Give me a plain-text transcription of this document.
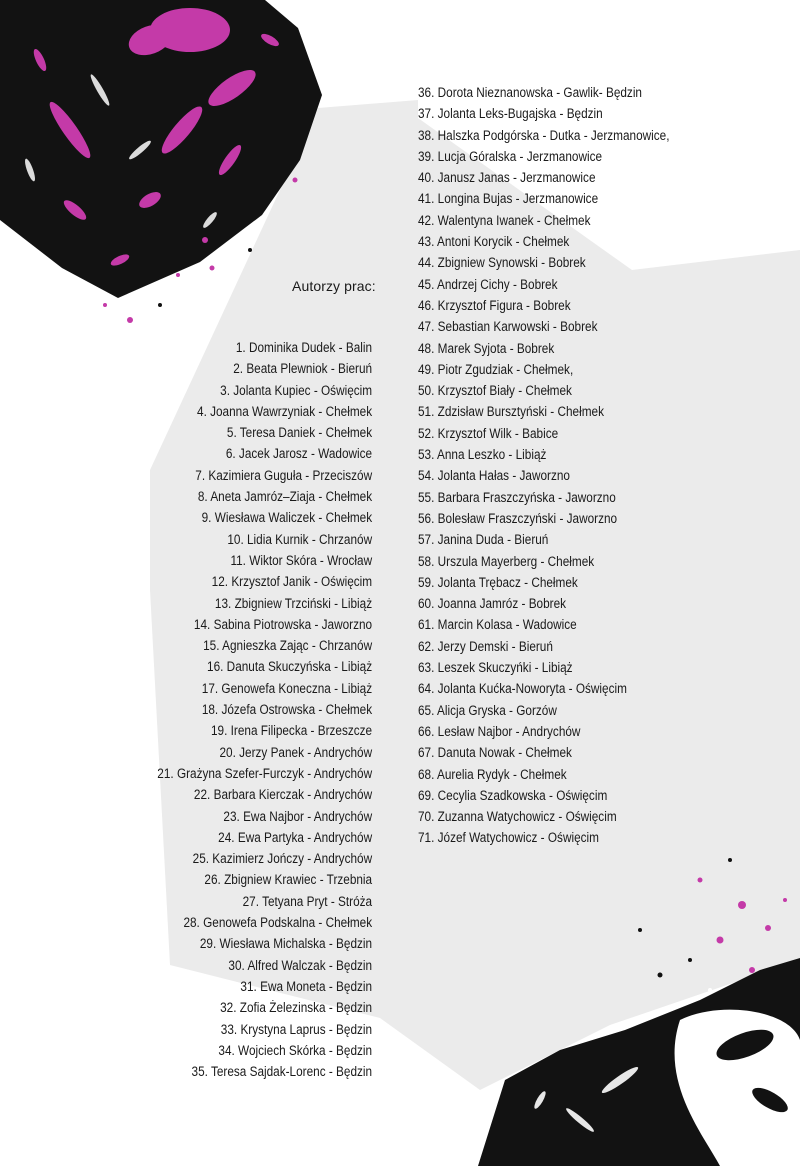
Autorzy prac:
1. Dominika Dudek - Balin
2. Beata Plewniok - Bieruń
3. Jolanta Kupiec - Oświęcim
4. Joanna Wawrzyniak - Chełmek
5. Teresa Daniek - Chełmek
6. Jacek Jarosz - Wadowice
7. Kazimiera Guguła - Przeciszów
8. Aneta Jamróz–Ziaja - Chełmek
9. Wiesława Waliczek - Chełmek
10. Lidia Kurnik - Chrzanów
11. Wiktor Skóra - Wrocław
12. Krzysztof Janik - Oświęcim
13. Zbigniew Trzciński - Libiąż
14. Sabina Piotrowska - Jaworzno
15. Agnieszka Zając - Chrzanów
16. Danuta Skuczyńska - Libiąż
17. Genowefa Koneczna - Libiąż
18. Józefa Ostrowska - Chełmek
19. Irena Filipecka - Brzeszcze
20. Jerzy Panek - Andrychów
21. Grażyna Szefer-Furczyk - Andrychów
22. Barbara Kierczak - Andrychów
23. Ewa Najbor - Andrychów
24. Ewa Partyka - Andrychów
25. Kazimierz Jończy - Andrychów
26. Zbigniew Krawiec - Trzebnia
27. Tetyana Pryt - Stróża
28. Genowefa Podskalna - Chełmek
29. Wiesława Michalska - Będzin
30. Alfred Walczak - Będzin
31. Ewa Moneta - Będzin
32. Zofia Żelezinska - Będzin
33. Krystyna Laprus - Będzin
34. Wojciech Skórka - Będzin
35. Teresa Sajdak-Lorenc - Będzin
36. Dorota Nieznanowska - Gawlik- Będzin
37. Jolanta Leks-Bugajska - Będzin
38. Halszka Podgórska - Dutka - Jerzmanowice,
39. Lucja Góralska - Jerzmanowice
40. Janusz Janas - Jerzmanowice
41. Longina Bujas - Jerzmanowice
42. Walentyna Iwanek - Chełmek
43. Antoni Korycik - Chełmek
44. Zbigniew Synowski - Bobrek
45. Andrzej Cichy - Bobrek
46. Krzysztof Figura - Bobrek
47. Sebastian Karwowski - Bobrek
48. Marek Syjota - Bobrek
49. Piotr Zgudziak - Chełmek,
50. Krzysztof Biały - Chełmek
51. Zdzisław Bursztyński - Chełmek
52. Krzysztof Wilk - Babice
53. Anna Leszko - Libiąż
54. Jolanta Hałas - Jaworzno
55. Barbara Fraszczyńska - Jaworzno
56. Bolesław Fraszczyński - Jaworzno
57. Janina Duda - Bieruń
58. Urszula Mayerberg - Chełmek
59. Jolanta Trębacz - Chełmek
60. Joanna Jamróz - Bobrek
61. Marcin Kolasa - Wadowice
62. Jerzy Demski - Bieruń
63. Leszek Skuczyńki - Libiąż
64. Jolanta Kućka-Noworyta - Oświęcim
65. Alicja Gryska - Gorzów
66. Lesław Najbor - Andrychów
67. Danuta Nowak - Chełmek
68. Aurelia Rydyk - Chełmek
69. Cecylia Szadkowska - Oświęcim
70. Zuzanna Watychowicz - Oświęcim
71. Józef Watychowicz - Oświęcim
